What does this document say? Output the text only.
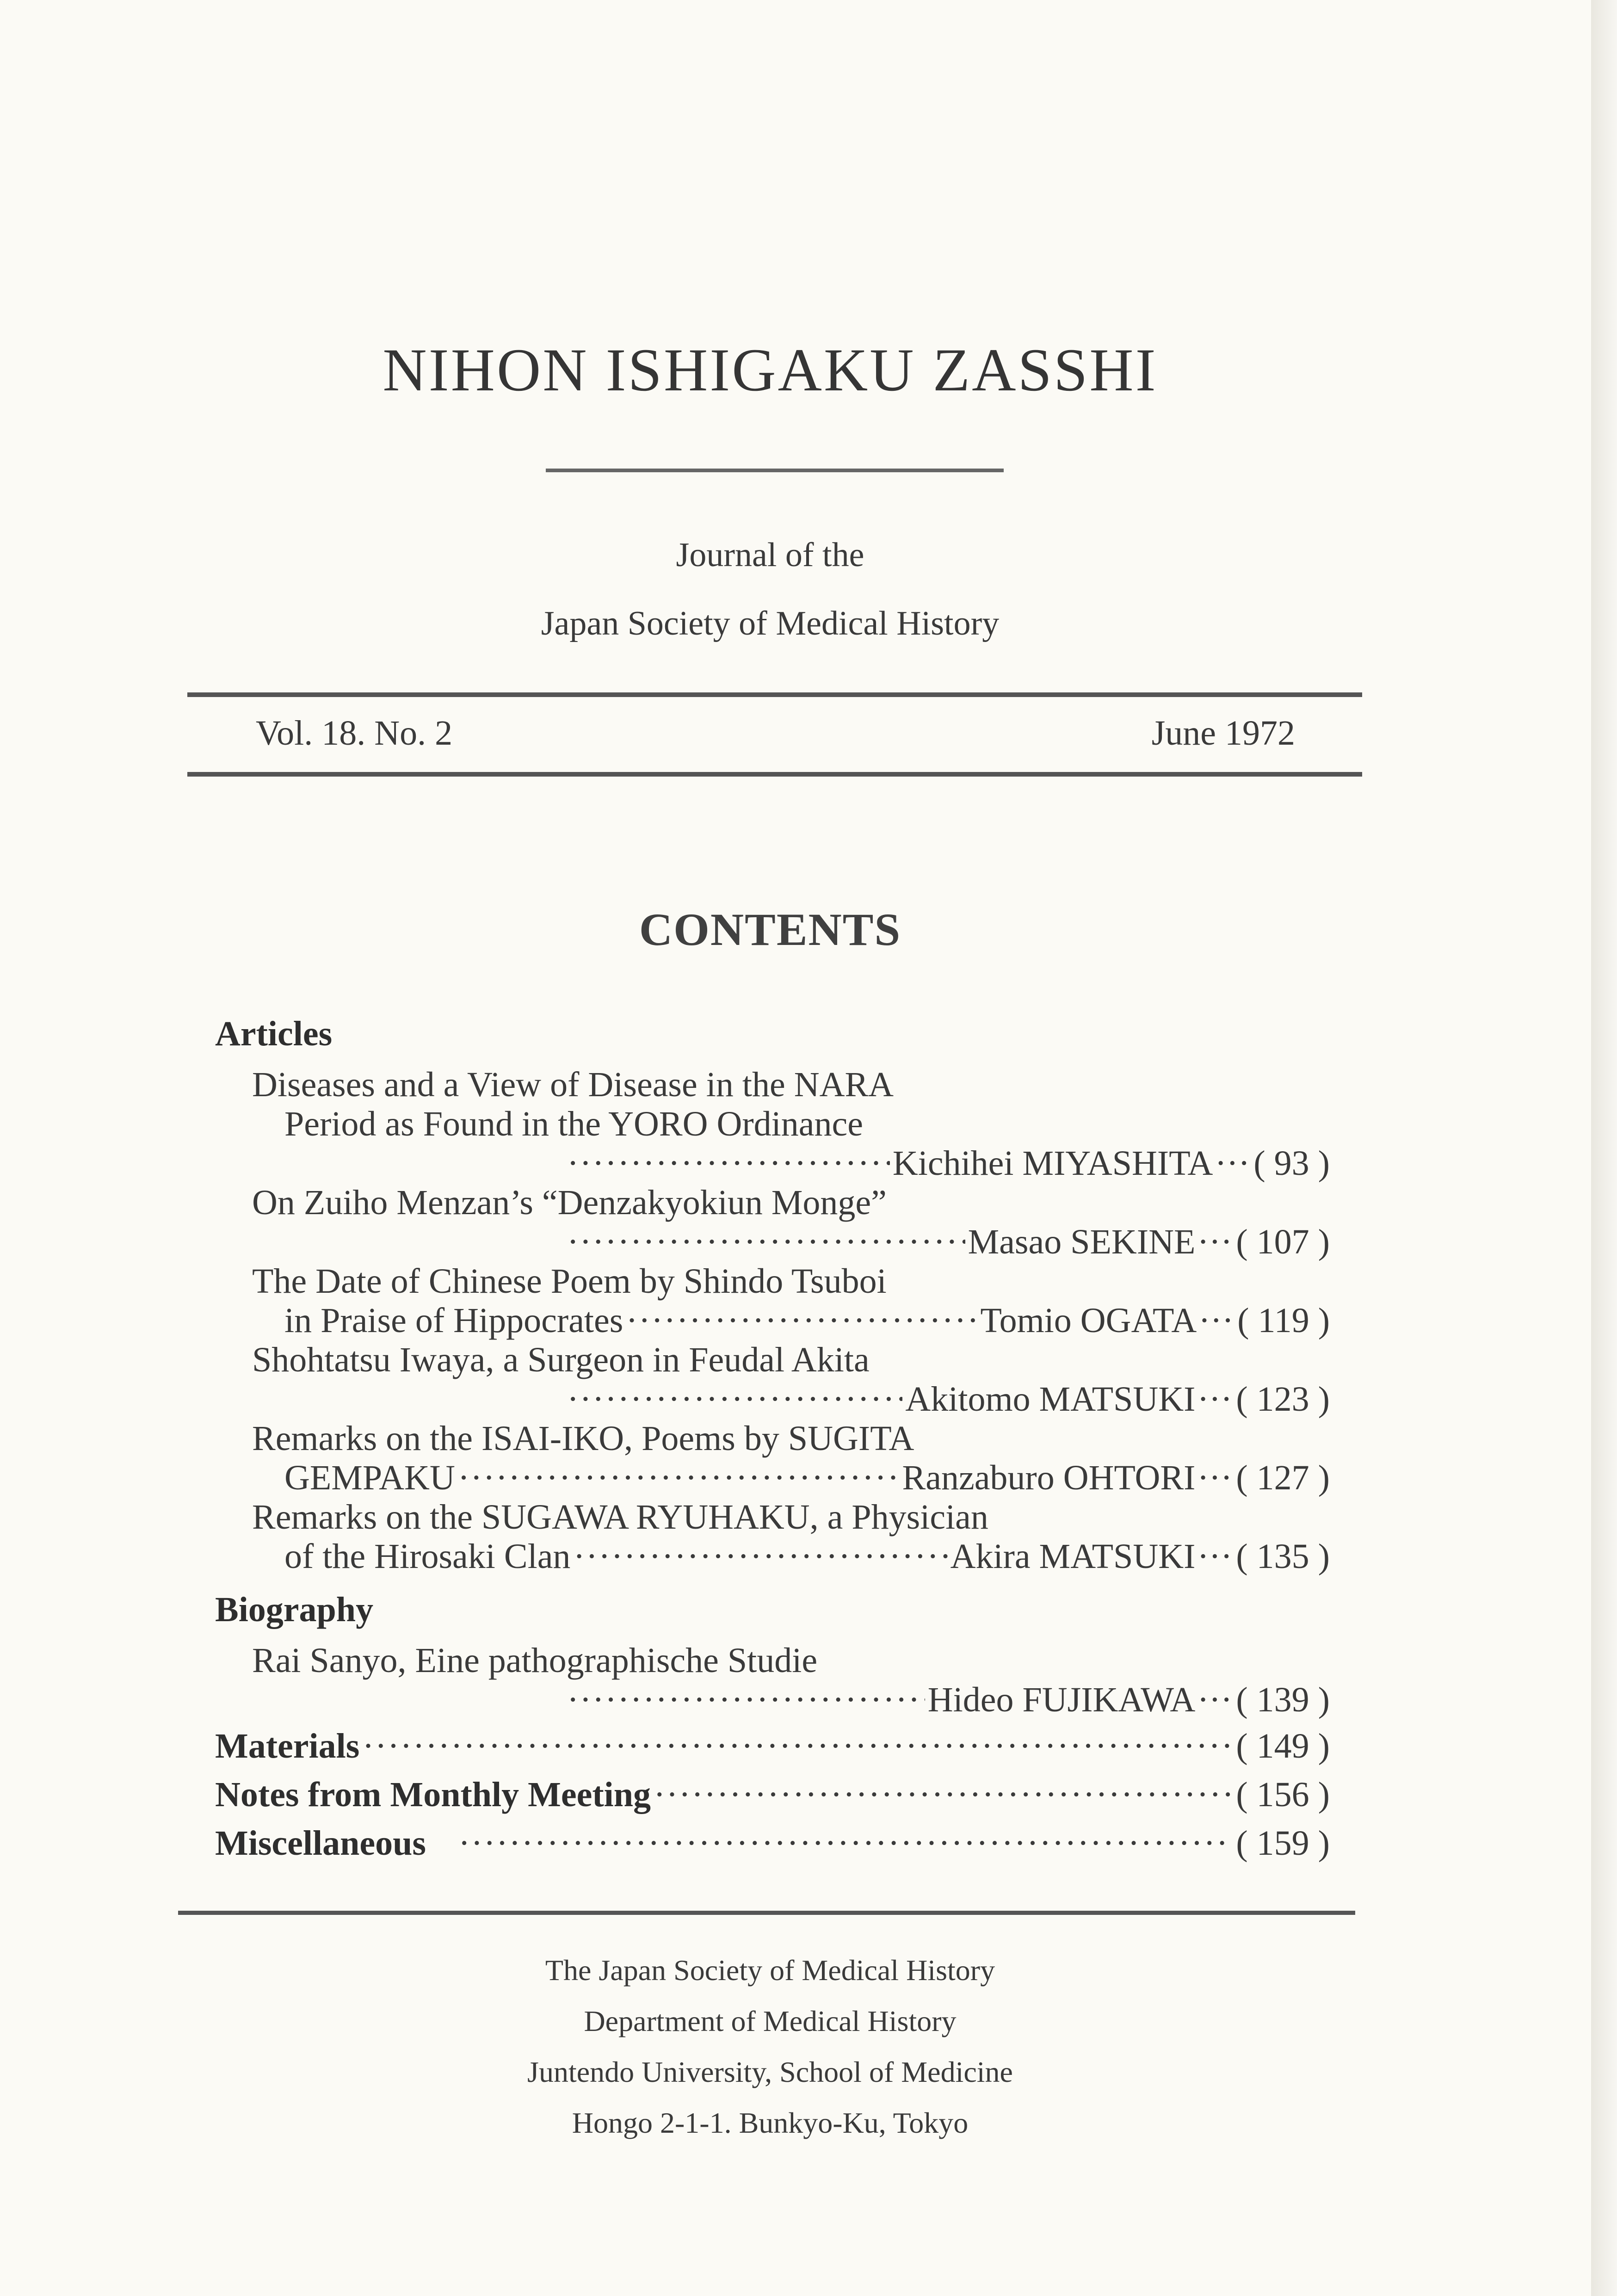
NIHON ISHIGAKU ZASSHI
Journal of the
Japan Society of Medical History
Vol. 18. No. 2	June 1972
CONTENTS
Articles
Diseases and a View of Disease in the NARA
Period as Found in the YORO Ordinance
·····
Kichihei MIYASHITA ··· ( 93 )
On Zuiho Menzan’s “Denzakyokiun Monge”
·····
Masao SEKINE ··· ( 107 )
The Date of Chinese Poem by Shindo Tsuboi
in Praise of Hippocrates ·····	Tomio OGATA ··· ( 119 )
Shohtatsu Iwaya, a Surgeon in Feudal Akita
·····
Akitomo MATSUKI ··· ( 123 )
Remarks on the ISAI-IKO, Poems by SUGITA
GEMPAKU ·····	Ranzaburo OHTORI ··· ( 127 )
Remarks on the SUGAWA RYUHAKU, a Physician
of the Hirosaki Clan ·····	Akira MATSUKI ··· ( 135 )
Biography
Rai Sanyo, Eine pathographische Studie
·····
Hideo FUJIKAWA ··· ( 139 )
Materials ·····	( 149 )
Notes from Monthly Meeting ·····	( 156 )
Miscellaneous ·····	( 159 )
The Japan Society of Medical History
Department of Medical History
Juntendo University, School of Medicine
Hongo 2-1-1. Bunkyo-Ku, Tokyo
